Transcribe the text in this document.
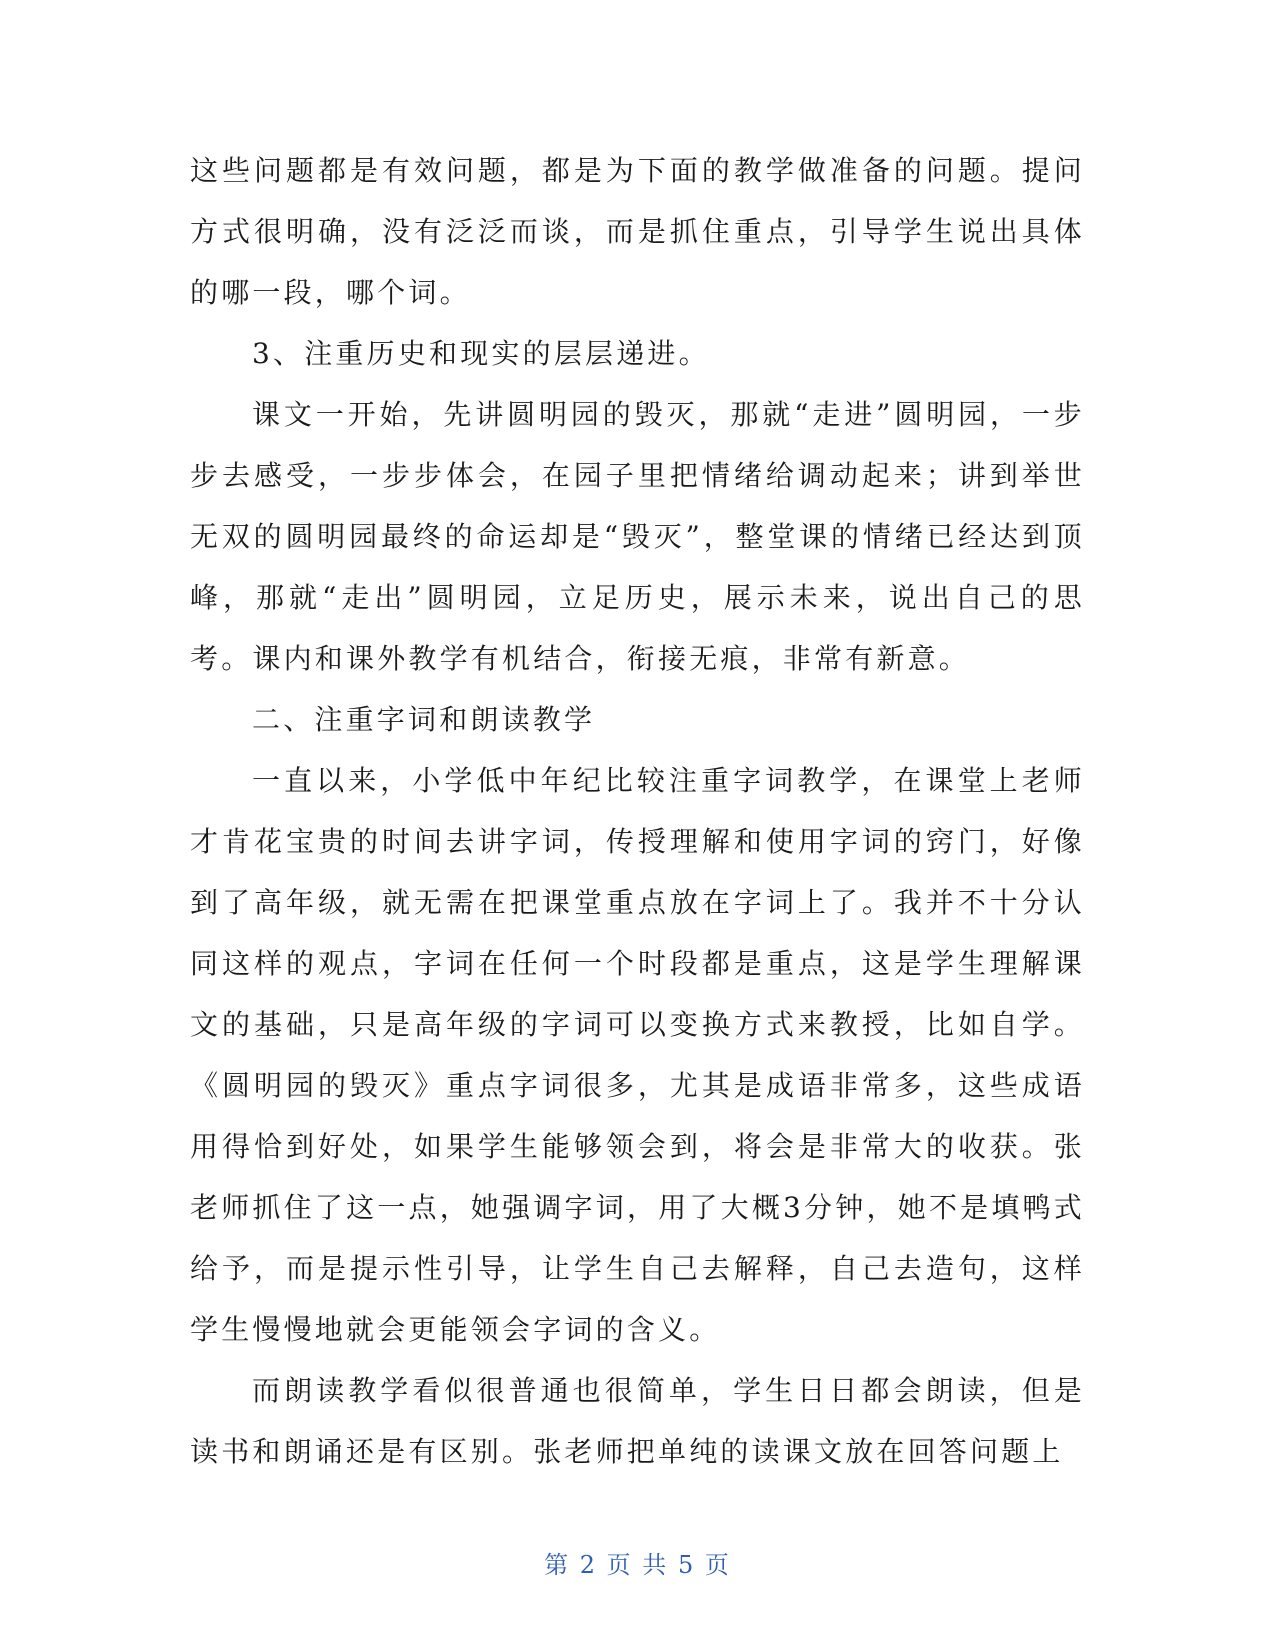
这些问题都是有效问题，都是为下面的教学做准备的问题。提问方式很明确，没有泛泛而谈，而是抓住重点，引导学生说出具体的哪一段，哪个词。

3、注重历史和现实的层层递进。

课文一开始，先讲圆明园的毁灭，那就“走进”圆明园，一步步去感受，一步步体会，在园子里把情绪给调动起来；讲到举世无双的圆明园最终的命运却是“毁灭”，整堂课的情绪已经达到顶峰，那就“走出”圆明园，立足历史，展示未来，说出自己的思考。课内和课外教学有机结合，衔接无痕，非常有新意。

二、注重字词和朗读教学

一直以来，小学低中年纪比较注重字词教学，在课堂上老师才肯花宝贵的时间去讲字词，传授理解和使用字词的窍门，好像到了高年级，就无需在把课堂重点放在字词上了。我并不十分认同这样的观点，字词在任何一个时段都是重点，这是学生理解课文的基础，只是高年级的字词可以变换方式来教授，比如自学。《圆明园的毁灭》重点字词很多，尤其是成语非常多，这些成语用得恰到好处，如果学生能够领会到，将会是非常大的收获。张老师抓住了这一点，她强调字词，用了大概3分钟，她不是填鸭式给予，而是提示性引导，让学生自己去解释，自己去造句，这样学生慢慢地就会更能领会字词的含义。

而朗读教学看似很普通也很简单，学生日日都会朗读，但是读书和朗诵还是有区别。张老师把单纯的读课文放在回答问题上

第 2 页 共 5 页
